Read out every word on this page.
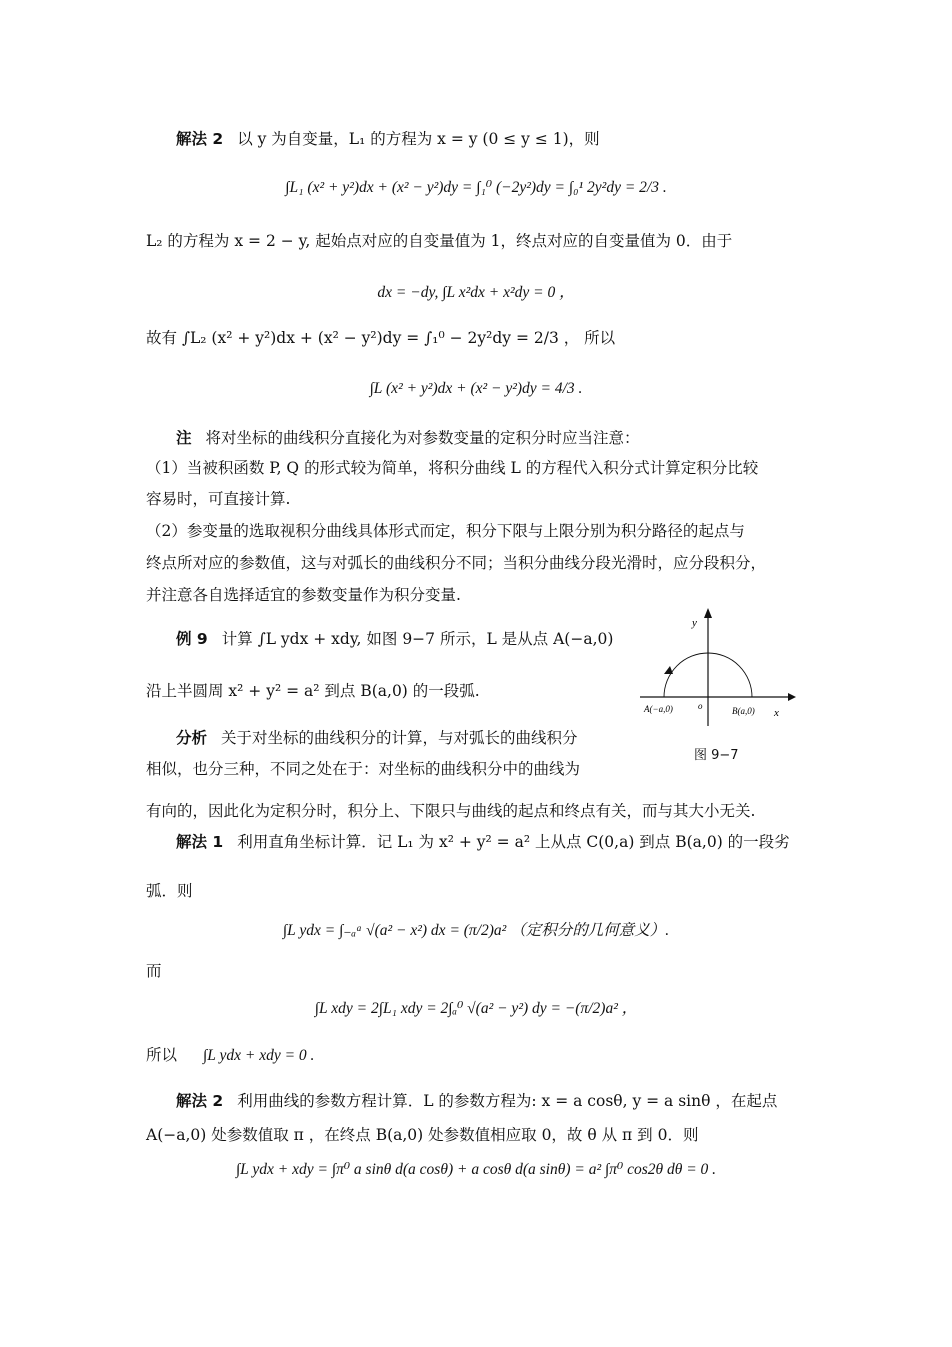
解法 2 以 y 为自变量，L₁ 的方程为 x = y (0 ≤ y ≤ 1)，则
∫L₁ (x² + y²)dx + (x² − y²)dy = ∫₁⁰ (−2y²)dy = ∫₀¹ 2y²dy = 2/3 .
L₂ 的方程为 x = 2 − y, 起始点对应的自变量值为 1，终点对应的自变量值为 0．由于
dx = −dy, ∫L x²dx + x²dy = 0 ，
故有 ∫L₂ (x² + y²)dx + (x² − y²)dy = ∫₁⁰ − 2y²dy = 2/3 ， 所以
∫L (x² + y²)dx + (x² − y²)dy = 4/3 .
注 将对坐标的曲线积分直接化为对参数变量的定积分时应当注意：
（1）当被积函数 P, Q 的形式较为简单，将积分曲线 L 的方程代入积分式计算定积分比较
容易时，可直接计算.
（2）参变量的选取视积分曲线具体形式而定，积分下限与上限分别为积分路径的起点与
终点所对应的参数值，这与对弧长的曲线积分不同；当积分曲线分段光滑时，应分段积分，
并注意各自选择适宜的参数变量作为积分变量.
例 9 计算 ∫L ydx + xdy, 如图 9−7 所示，L 是从点 A(−a,0)
沿上半圆周 x² + y² = a² 到点 B(a,0) 的一段弧.
分析 关于对坐标的曲线积分的计算，与对弧长的曲线积分
相似，也分三种，不同之处在于：对坐标的曲线积分中的曲线为
有向的，因此化为定积分时，积分上、下限只与曲线的起点和终点有关，而与其大小无关.
y
x
o
A(−a,0)	B(a,0)
图 9−7
解法 1 利用直角坐标计算．记 L₁ 为 x² + y² = a² 上从点 C(0,a) 到点 B(a,0) 的一段劣
弧．则
∫L ydx = ∫₋ₐᵃ √(a² − x²) dx = (π/2)a² （定积分的几何意义）.
而
∫L xdy = 2∫L₁ xdy = 2∫ₐ⁰ √(a² − y²) dy = −(π/2)a² ，
所以 ∫L ydx + xdy = 0 .
解法 2 利用曲线的参数方程计算．L 的参数方程为: x = a cosθ, y = a sinθ ，在起点
A(−a,0) 处参数值取 π ，在终点 B(a,0) 处参数值相应取 0，故 θ 从 π 到 0．则
∫L ydx + xdy = ∫π⁰ a sinθ d(a cosθ) + a cosθ d(a sinθ) = a² ∫π⁰ cos2θ dθ = 0 .
